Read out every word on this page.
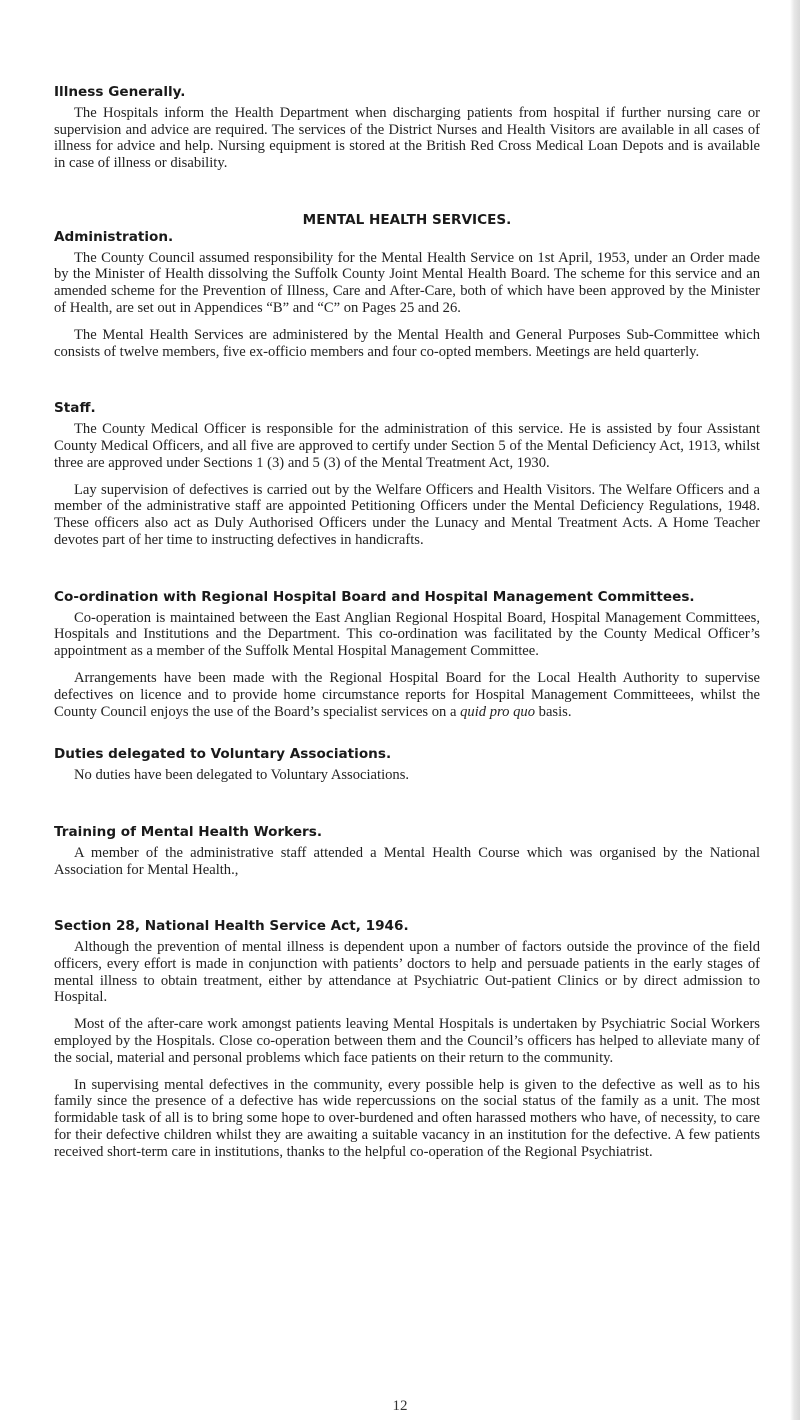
Illness Generally.

The Hospitals inform the Health Department when discharging patients from hospital if further nursing care or supervision and advice are required. The services of the District Nurses and Health Visitors are available in all cases of illness for advice and help. Nursing equipment is stored at the British Red Cross Medical Loan Depots and is available in case of illness or disability.

MENTAL HEALTH SERVICES.
Administration.

The County Council assumed responsibility for the Mental Health Service on 1st April, 1953, under an Order made by the Minister of Health dissolving the Suffolk County Joint Mental Health Board. The scheme for this service and an amended scheme for the Prevention of Illness, Care and After-Care, both of which have been approved by the Minister of Health, are set out in Appendices “B” and “C” on Pages 25 and 26.

The Mental Health Services are administered by the Mental Health and General Purposes Sub-Committee which consists of twelve members, five ex-officio members and four co-opted members. Meetings are held quarterly.

Staff.

The County Medical Officer is responsible for the administration of this service. He is assisted by four Assistant County Medical Officers, and all five are approved to certify under Section 5 of the Mental Deficiency Act, 1913, whilst three are approved under Sections 1 (3) and 5 (3) of the Mental Treatment Act, 1930.

Lay supervision of defectives is carried out by the Welfare Officers and Health Visitors. The Welfare Officers and a member of the administrative staff are appointed Petitioning Officers under the Mental Deficiency Regulations, 1948. These officers also act as Duly Authorised Officers under the Lunacy and Mental Treatment Acts. A Home Teacher devotes part of her time to instructing defectives in handicrafts.

Co-ordination with Regional Hospital Board and Hospital Management Committees.

Co-operation is maintained between the East Anglian Regional Hospital Board, Hospital Management Committees, Hospitals and Institutions and the Department. This co-ordination was facilitated by the County Medical Officer’s appointment as a member of the Suffolk Mental Hospital Management Committee.

Arrangements have been made with the Regional Hospital Board for the Local Health Authority to supervise defectives on licence and to provide home circumstance reports for Hospital Management Committeees, whilst the County Council enjoys the use of the Board’s specialist services on a quid pro quo basis.

Duties delegated to Voluntary Associations.

No duties have been delegated to Voluntary Associations.

Training of Mental Health Workers.

A member of the administrative staff attended a Mental Health Course which was organised by the National Association for Mental Health.,

Section 28, National Health Service Act, 1946.

Although the prevention of mental illness is dependent upon a number of factors outside the province of the field officers, every effort is made in conjunction with patients’ doctors to help and persuade patients in the early stages of mental illness to obtain treatment, either by attendance at Psychiatric Out-patient Clinics or by direct admission to Hospital.

Most of the after-care work amongst patients leaving Mental Hospitals is undertaken by Psychiatric Social Workers employed by the Hospitals. Close co-operation between them and the Council’s officers has helped to alleviate many of the social, material and personal problems which face patients on their return to the community.

In supervising mental defectives in the community, every possible help is given to the defective as well as to his family since the presence of a defective has wide repercussions on the social status of the family as a unit. The most formidable task of all is to bring some hope to over-burdened and often harassed mothers who have, of necessity, to care for their defective children whilst they are awaiting a suitable vacancy in an institution for the defective. A few patients received short-term care in institutions, thanks to the helpful co-operation of the Regional Psychiatrist.

12
